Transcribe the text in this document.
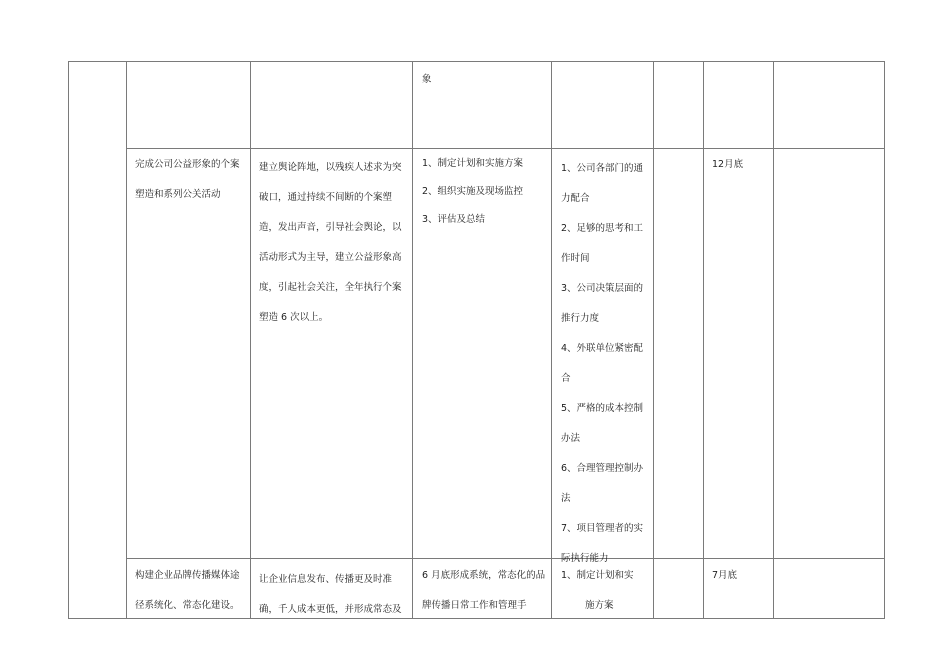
象
完成公司公益形象的个案
塑造和系列公关活动
建立舆论阵地，以残疾人述求为突
破口，通过持续不间断的个案塑
造，发出声音，引导社会舆论，以
活动形式为主导，建立公益形象高
度，引起社会关注，全年执行个案
塑造 6 次以上。
1、制定计划和实施方案
2、组织实施及现场监控
3、评估及总结
1、公司各部门的通
力配合
2、足够的思考和工
作时间
3、公司决策层面的
推行力度
4、外联单位紧密配
合
5、严格的成本控制
办法
6、合理管理控制办
法
7、项目管理者的实
际执行能力
12月底
构建企业品牌传播媒体途
径系统化、常态化建设。
让企业信息发布、传播更及时准
确，千人成本更低，并形成常态及
6 月底形成系统，常态化的品
牌传播日常工作和管理手
1、制定计划和实
施方案
7月底
